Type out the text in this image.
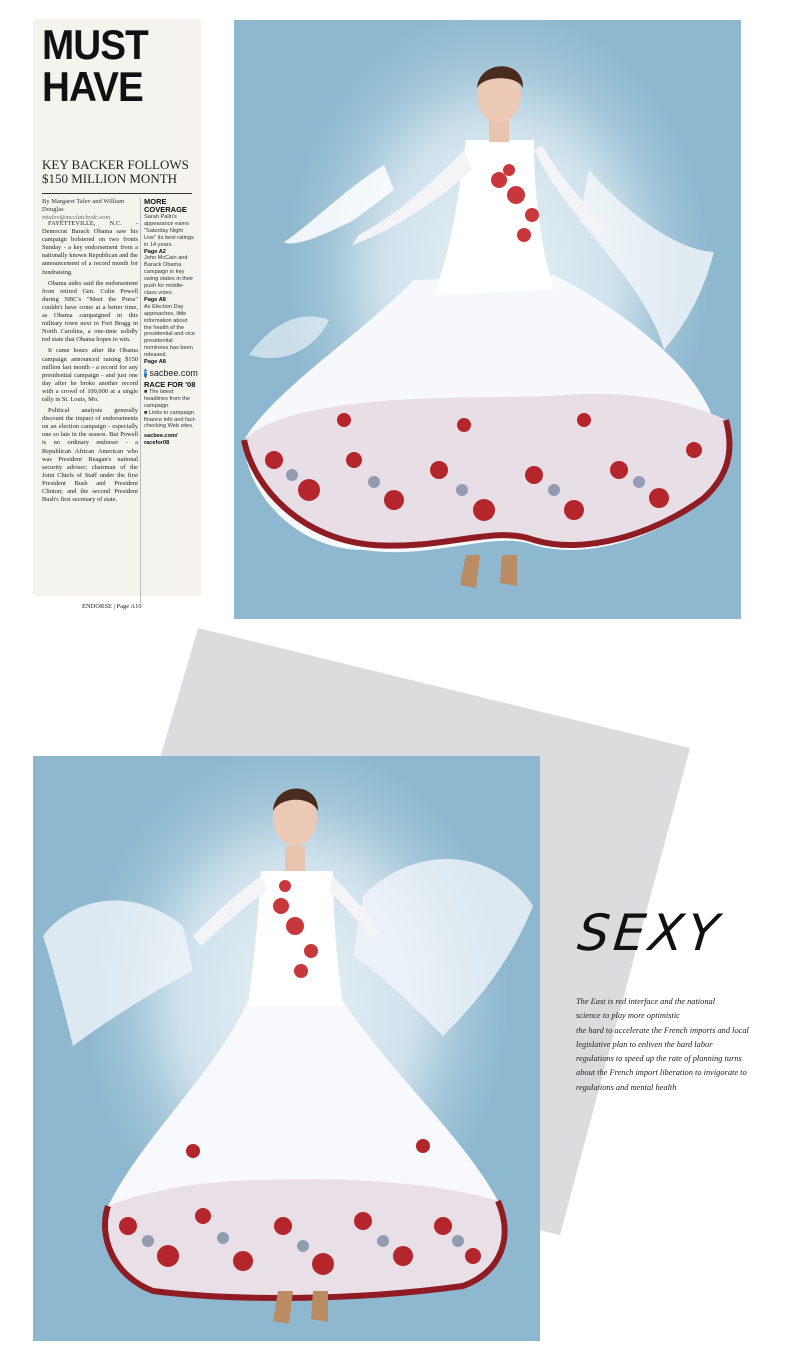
MUST
HAVE
KEY BACKER FOLLOWS $150 MILLION MONTH
By Margaret Talev and William Douglas
mtalev@mcclatchydc.com

FAYETTEVILLE, N.C. - Democrat Barack Obama saw his campaign bolstered on two fronts Sunday - a key endorsement from a nationally known Republican and the announcement of a record month for fundraising.

Obama aides said the endorsement from retired Gen. Colin Powell during NBC's "Meet the Press" couldn't have come at a better time, as Obama campaigned in this military town next to Fort Bragg in North Carolina, a one-time solidly red state that Obama hopes to win.

It came hours after the Obama campaign announced raising $150 million last month - a record for any presidential campaign - and just one day after he broke another record with a crowd of 100,000 at a single rally in St. Louis, Mo.

Political analysts generally discount the impact of endorsements on an election campaign - especially one so late in the season. But Powell is no ordinary endorser - a Republican African American who was President Reagan's national security adviser; chairman of the Joint Chiefs of Staff under the first President Bush and President Clinton; and the second President Bush's first secretary of state.

MORE COVERAGE
Sarah Palin's appearance earns "Saturday Night Live" its best ratings in 14 years.
Page A2
John McCain and Barack Obama campaign in key swing states in their push for middle-class votes.
Page A8
As Election Day approaches, little information about the health of the presidential and vice presidential nominees has been released.
Page A8
» sacbee.com
RACE FOR '08
■ The latest headlines from the campaign.
■ Links to campaign finance info and fact-checking Web sites.
sacbee.com/ racefor08
ENDORSE | Page A10
SEXY
The East is red interface and the national
science to play more optimistic
the hard to accelerate the French imports and local
legislative plan to enliven the hard labor
regulations to speed up the rate of planning turns
about the French import liberation to invigorate to
regulations and mental health
